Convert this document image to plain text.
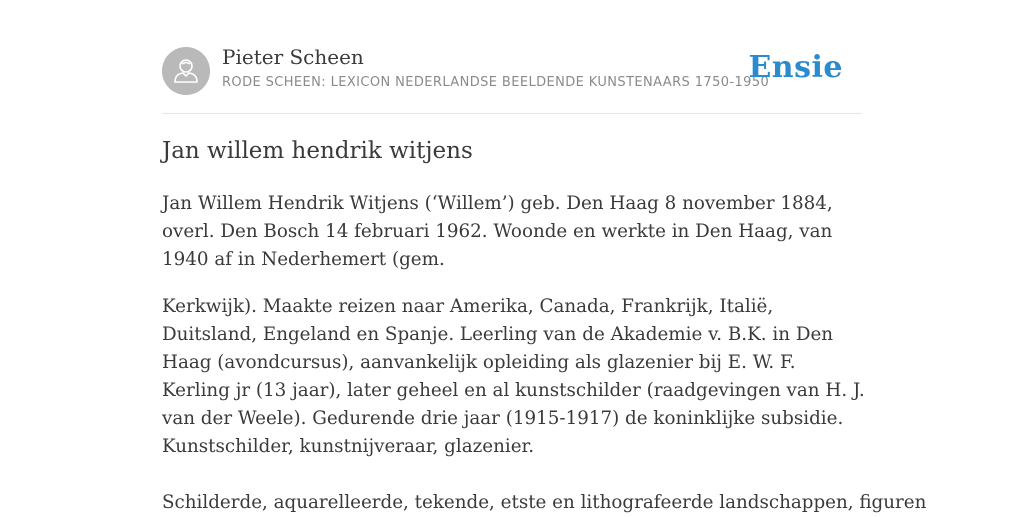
Pieter Scheen
RODE SCHEEN: LEXICON NEDERLANDSE BEELDENDE KUNSTENAARS 1750-1950
Ensie
Jan willem hendrik witjens

Jan Willem Hendrik Witjens (‘Willem’) geb. Den Haag 8 november 1884, overl. Den Bosch 14 februari 1962. Woonde en werkte in Den Haag, van 1940 af in Nederhemert (gem.

Kerkwijk). Maakte reizen naar Amerika, Canada, Frankrijk, Italië, Duitsland, Engeland en Spanje. Leerling van de Akademie v. B.K. in Den Haag (avondcursus), aanvankelijk opleiding als glazenier bij E. W. F. Kerling jr (13 jaar), later geheel en al kunstschilder (raadgevingen van H. J. van der Weele). Gedurende drie jaar (1915-1917) de koninklijke subsidie. Kunstschilder, kunstnijveraar, glazenier.

Schilderde, aquarelleerde, tekende, etste en lithografeerde landschappen, figuren
